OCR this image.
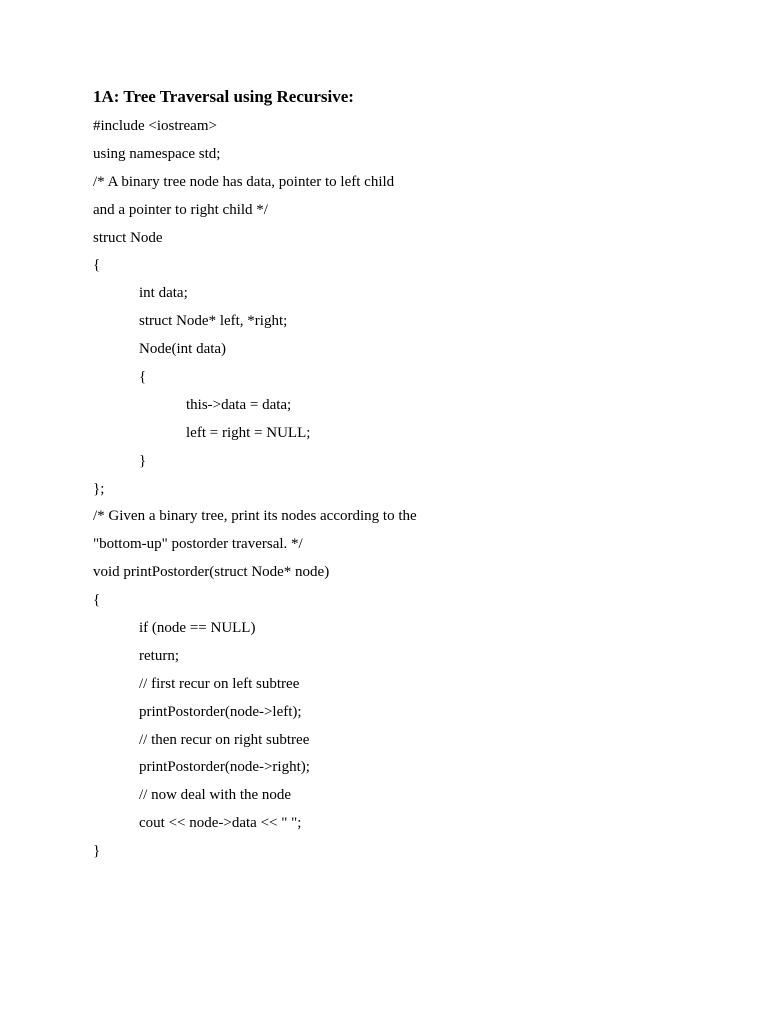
1A: Tree Traversal using Recursive:
#include <iostream>
using namespace std;
/* A binary tree node has data, pointer to left child
and a pointer to right child */
struct Node
{
int data;
struct Node* left, *right;
Node(int data)
{
this->data = data;
left = right = NULL;
}
};
/* Given a binary tree, print its nodes according to the
"bottom-up" postorder traversal. */
void printPostorder(struct Node* node)
{
if (node == NULL)
return;
// first recur on left subtree
printPostorder(node->left);
// then recur on right subtree
printPostorder(node->right);
// now deal with the node
cout << node->data << " ";
}
